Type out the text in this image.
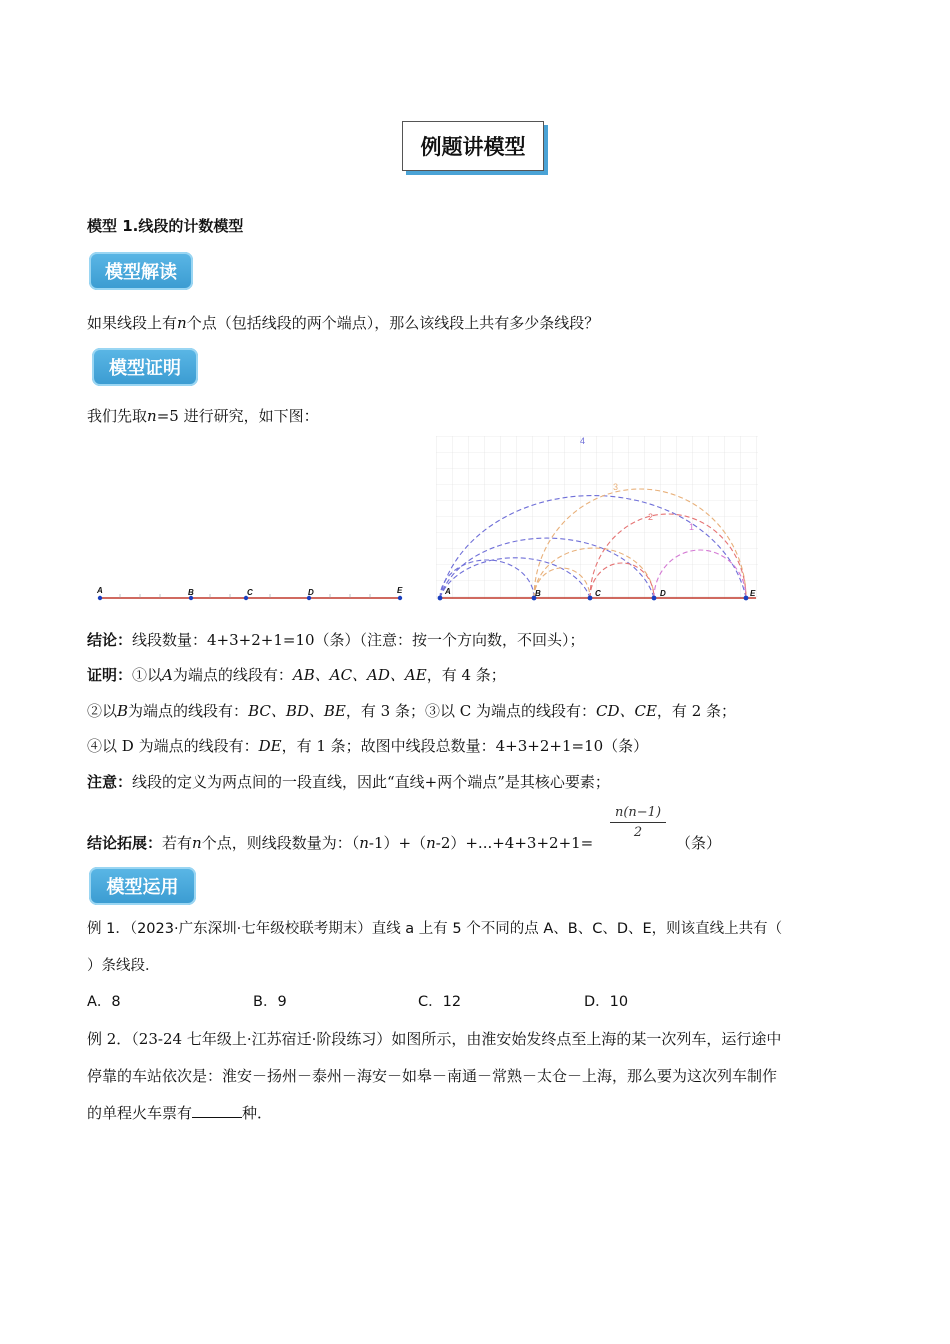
例题讲模型
模型 1.线段的计数模型
模型解读
如果线段上有n个点（包括线段的两个端点），那么该线段上共有多少条线段？
模型证明
我们先取n=5 进行研究，如下图：
A	B	C	D	E
4
3
2
1
A	B	C	D	E
结论：线段数量：4+3+2+1=10（条）（注意：按一个方向数，不回头）；
证明：①以A为端点的线段有：AB、AC、AD、AE，有 4 条；
②以B为端点的线段有：BC、BD、BE，有 3 条；③以 C 为端点的线段有：CD、CE，有 2 条；
④以 D 为端点的线段有：DE，有 1 条；故图中线段总数量：4+3+2+1=10（条）
注意：线段的定义为两点间的一段直线，因此“直线+两个端点”是其核心要素；
结论拓展：若有n个点，则线段数量为：（n-1）+（n-2）+...+4+3+2+1=
n(n−1)
2
（条）
模型运用
例 1．（2023·广东深圳·七年级校联考期末）直线 a 上有 5 个不同的点 A、B、C、D、E，则该直线上共有（
）条线段．
A．8	B．9	C．12	D．10
例 2．（23-24 七年级上·江苏宿迁·阶段练习）如图所示，由淮安始发终点至上海的某一次列车，运行途中
停靠的车站依次是：淮安－扬州－泰州－海安－如皋－南通－常熟－太仓－上海，那么要为这次列车制作
的单程火车票有	种．
